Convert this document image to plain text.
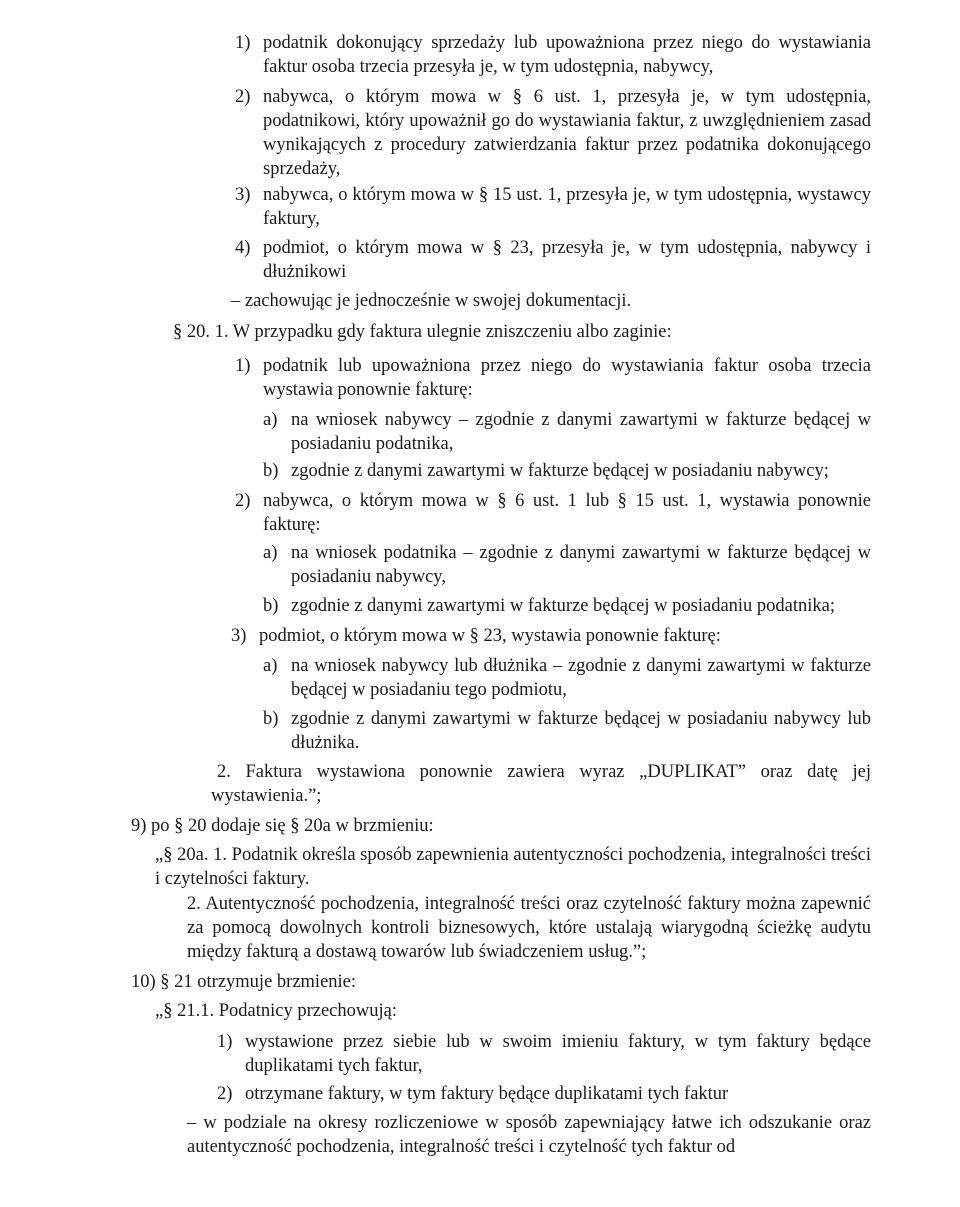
1) podatnik dokonujący sprzedaży lub upoważniona przez niego do wystawiania faktur osoba trzecia przesyła je, w tym udostępnia, nabywcy,

2) nabywca, o którym mowa w § 6 ust. 1, przesyła je, w tym udostępnia, podatnikowi, który upoważnił go do wystawiania faktur, z uwzględnieniem zasad wynikających z procedury zatwierdzania faktur przez podatnika dokonującego sprzedaży,

3) nabywca, o którym mowa w § 15 ust. 1, przesyła je, w tym udostępnia, wystawcy faktury,

4) podmiot, o którym mowa w § 23, przesyła je, w tym udostępnia, nabywcy i dłużnikowi

– zachowując je jednocześnie w swojej dokumentacji.

§ 20. 1. W przypadku gdy faktura ulegnie zniszczeniu albo zaginie:

1) podatnik lub upoważniona przez niego do wystawiania faktur osoba trzecia wystawia ponownie fakturę:

a) na wniosek nabywcy – zgodnie z danymi zawartymi w fakturze będącej w posiadaniu podatnika,

b) zgodnie z danymi zawartymi w fakturze będącej w posiadaniu nabywcy;

2) nabywca, o którym mowa w § 6 ust. 1 lub § 15 ust. 1, wystawia ponownie fakturę:

a) na wniosek podatnika – zgodnie z danymi zawartymi w fakturze będącej w posiadaniu nabywcy,

b) zgodnie z danymi zawartymi w fakturze będącej w posiadaniu podatnika;

3) podmiot, o którym mowa w § 23, wystawia ponownie fakturę:

a) na wniosek nabywcy lub dłużnika – zgodnie z danymi zawartymi w fakturze będącej w posiadaniu tego podmiotu,

b) zgodnie z danymi zawartymi w fakturze będącej w posiadaniu nabywcy lub dłużnika.

2. Faktura wystawiona ponownie zawiera wyraz „DUPLIKAT” oraz datę jej wystawienia.”;

9) po § 20 dodaje się § 20a w brzmieniu:

„§ 20a. 1. Podatnik określa sposób zapewnienia autentyczności pochodzenia, integralności treści i czytelności faktury.

2. Autentyczność pochodzenia, integralność treści oraz czytelność faktury można zapewnić za pomocą dowolnych kontroli biznesowych, które ustalają wiarygodną ścieżkę audytu między fakturą a dostawą towarów lub świadczeniem usług.”;

10) § 21 otrzymuje brzmienie:

„§ 21.1. Podatnicy przechowują:

1) wystawione przez siebie lub w swoim imieniu faktury, w tym faktury będące duplikatami tych faktur,

2) otrzymane faktury, w tym faktury będące duplikatami tych faktur

– w podziale na okresy rozliczeniowe w sposób zapewniający łatwe ich odszukanie oraz autentyczność pochodzenia, integralność treści i czytelność tych faktur od
